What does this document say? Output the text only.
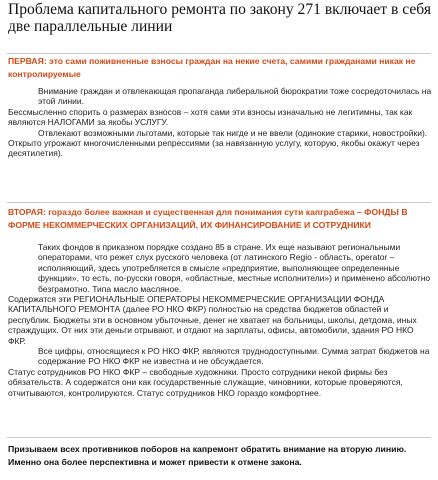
Проблема капитального ремонта по закону 271 включает в себя две параллельные линии
ПЕРВАЯ: это сами поживненные взносы граждан на некие счета, самими гражданами никак не контролируемые

Внимание граждан и отвлекающая пропаганда либеральной бюрократии тоже сосредоточилась на этой линии.

Бессмысленно спорить о размерах взносов – хотя сами эти взносы изначально не легитимны, так как являются НАЛОГАМИ за якобы УСЛУГУ.

Отвлекают возможными льготами, которые так нигде и не ввели (одинокие старики, новостройки).

Открыто угрожают многочисленными репрессиями (за навязанную услугу, которую, якобы окажут через десятилетия).

ВТОРАЯ: гораздо более важная и существенная для понимания сути капграбежа – ФОНДЫ В ФОРМЕ НЕКОММЕРЧЕСКИХ ОРГАНИЗАЦИЙ, ИХ ФИНАНСИРОВАНИЕ И СОТРУДНИКИ

Таких фондов в приказном порядке создано 85 в стране. Их еще называют региональными операторами, что режет слух русского человека (от латинского Regio - область, operator – исполняющий, здесь употребляется в смысле «предприятие, выполняющее определенные функции», то есть, по-русски говоря, «областные, местные исполнители») и применено абсолютно безграмотно. Типа масло масляное.

Содержатся эти РЕГИОНАЛЬНЫЕ ОПЕРАТОРЫ НЕКОММЕРЧЕСКИЕ ОРГАНИЗАЦИИ ФОНДА КАПИТАЛЬНОГО РЕМОНТА (далее РО НКО ФКР) полностью на средства бюджетов областей и республик. Бюджеты эти в основном убыточные, денег не хватает на больницы, школы, детдома, иных страждущих. От них эти деньги отрывают, и отдают на зарплаты, офисы, автомобили, здания РО НКО ФКР.

Все цифры, относящиеся к РО НКО ФКР, являются труднодоступными. Сумма затрат бюджетов на содержание РО НКО ФКР не известна и не обсуждается.

Статус сотрудников РО НКО ФКР – свободные художники. Просто сотрудники некой фирмы без обязательств. А содержатся они как государственные служащие, чиновники, которые проверяются, отчитываются, контролируются. Статус сотрудников НКО гораздо комфортнее.

Призываем всех противников поборов на капремонт обратить внимание на вторую линию.

Именно она более перспективна и может привести к отмене закона.
